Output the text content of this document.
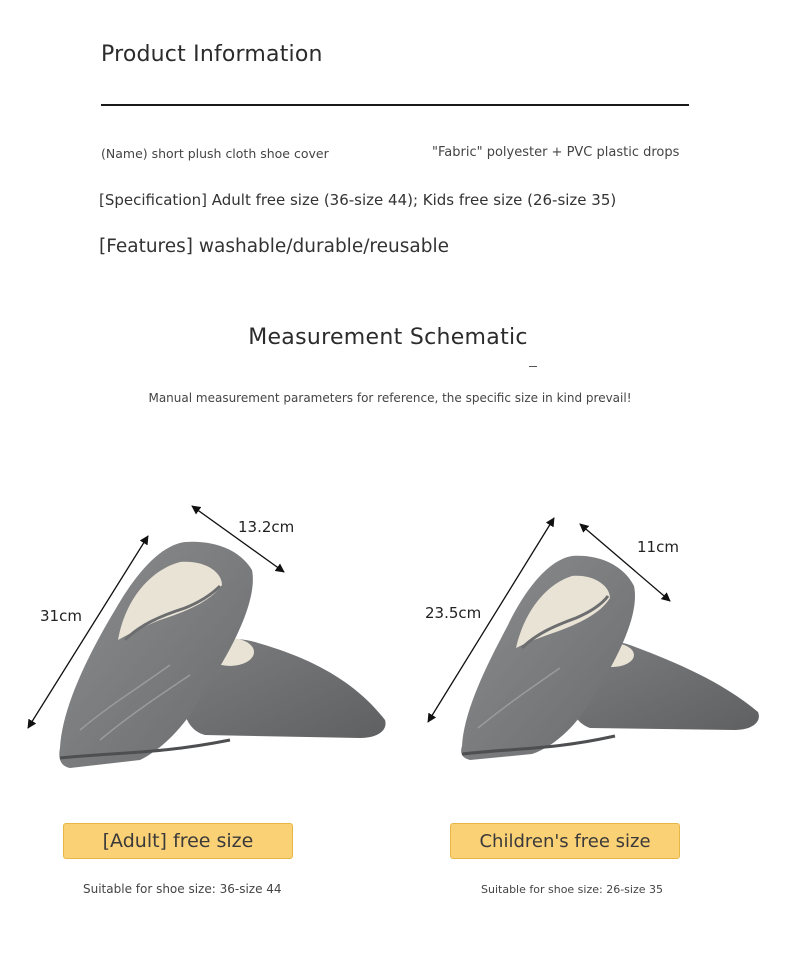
Product Information
(Name) short plush cloth shoe cover	"Fabric" polyester + PVC plastic drops
[Specification] Adult free size (36-size 44); Kids free size (26-size 35)
[Features] washable/durable/reusable
Measurement Schematic
Manual measurement parameters for reference, the specific size in kind prevail!
31cm
13.2cm
23.5cm
11cm
[Adult] free size	Children's free size
Suitable for shoe size: 36-size 44	Suitable for shoe size: 26-size 35
